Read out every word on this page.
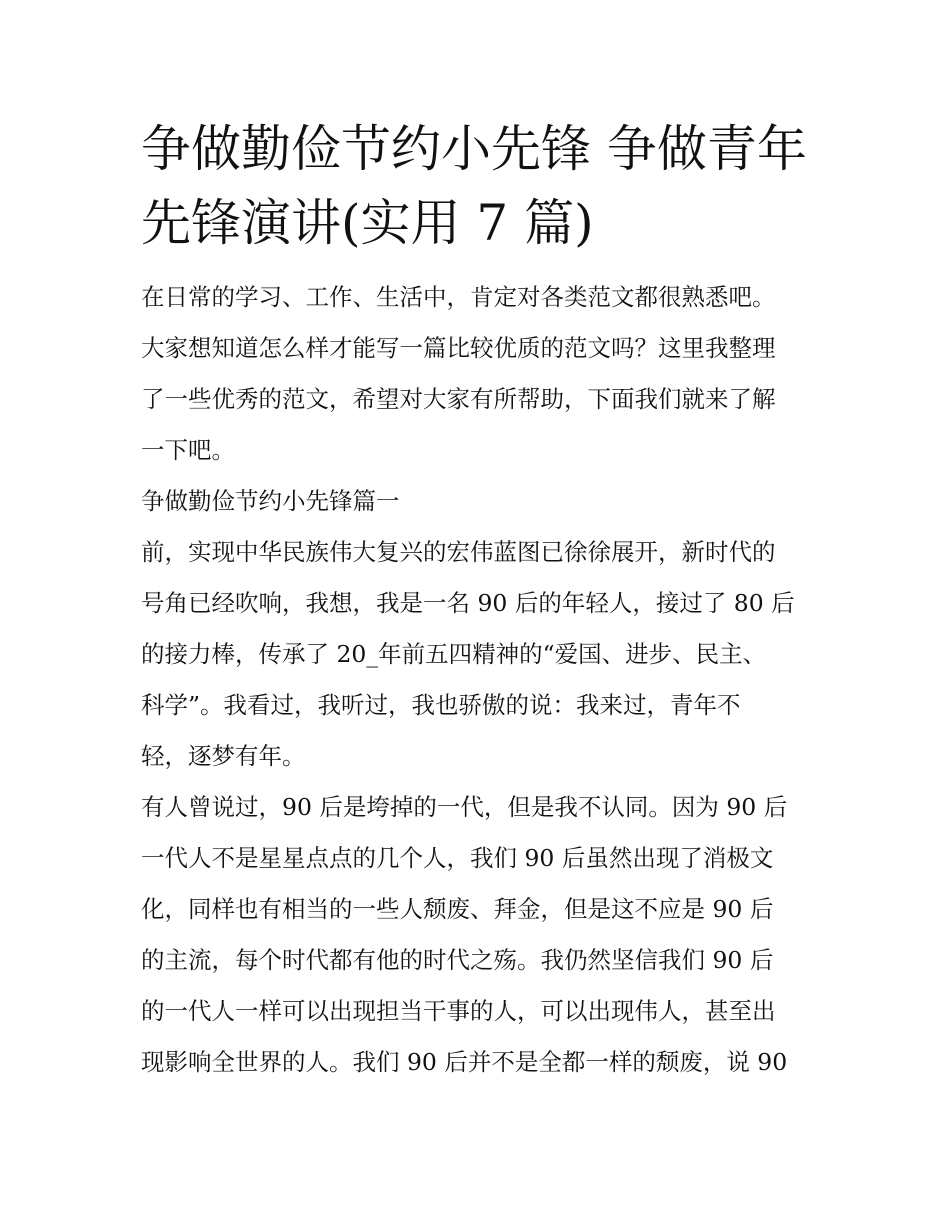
争做勤俭节约小先锋 争做青年
先锋演讲(实用 7 篇)
在日常的学习、工作、生活中，肯定对各类范文都很熟悉吧。
大家想知道怎么样才能写一篇比较优质的范文吗？这里我整理
了一些优秀的范文，希望对大家有所帮助，下面我们就来了解
一下吧。
争做勤俭节约小先锋篇一
前，实现中华民族伟大复兴的宏伟蓝图已徐徐展开，新时代的
号角已经吹响，我想，我是一名 90 后的年轻人，接过了 80 后
的接力棒，传承了 20_年前五四精神的“爱国、进步、民主、
科学”。我看过，我听过，我也骄傲的说：我来过，青年不
轻，逐梦有年。
有人曾说过，90 后是垮掉的一代，但是我不认同。因为 90 后
一代人不是星星点点的几个人，我们 90 后虽然出现了消极文
化，同样也有相当的一些人颓废、拜金，但是这不应是 90 后
的主流，每个时代都有他的时代之殇。我仍然坚信我们 90 后
的一代人一样可以出现担当干事的人，可以出现伟人，甚至出
现影响全世界的人。我们 90 后并不是全都一样的颓废，说 90
